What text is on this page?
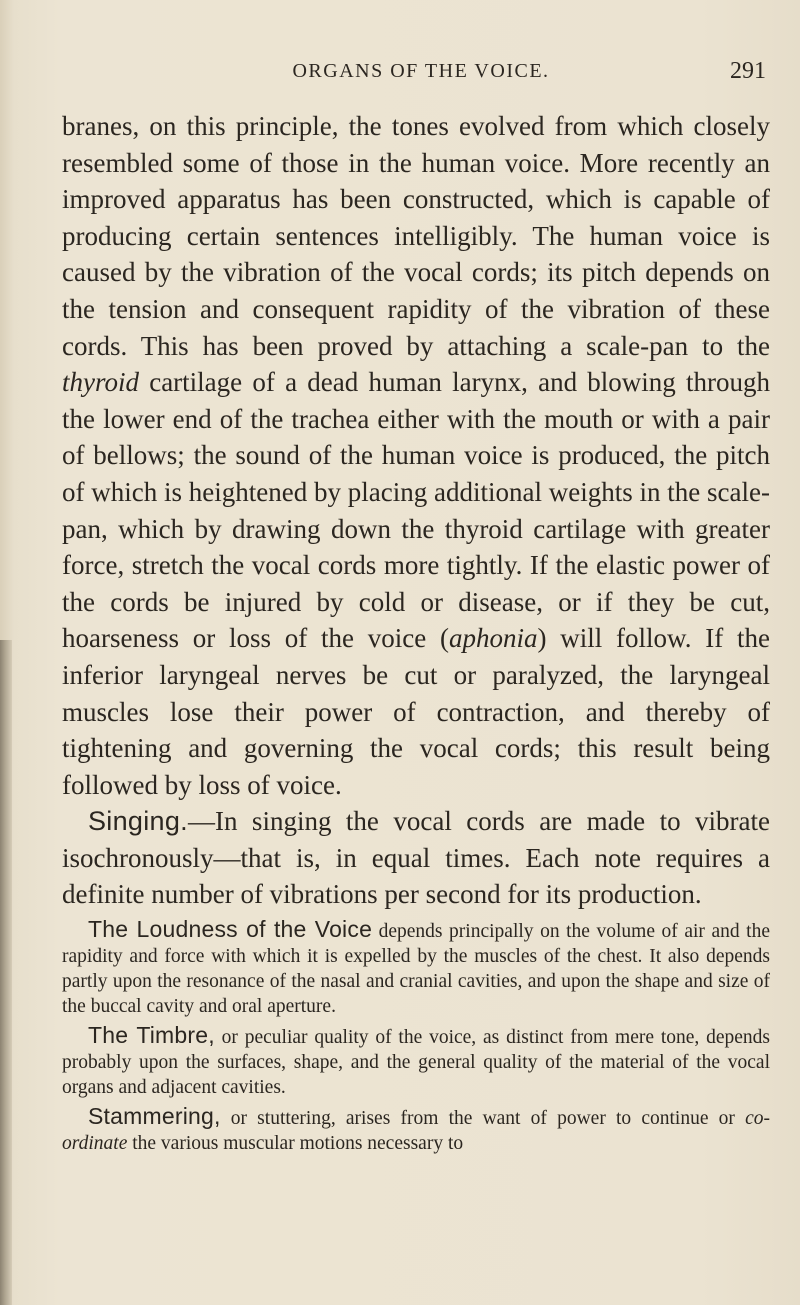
ORGANS OF THE VOICE.	291

branes, on this principle, the tones evolved from which closely resembled some of those in the human voice. More recently an improved apparatus has been constructed, which is capable of producing certain sentences intelligibly. The human voice is caused by the vibration of the vocal cords; its pitch depends on the tension and consequent rapidity of the vibration of these cords. This has been proved by attaching a scale-pan to the thyroid cartilage of a dead human larynx, and blowing through the lower end of the trachea either with the mouth or with a pair of bellows; the sound of the human voice is produced, the pitch of which is heightened by placing additional weights in the scale-pan, which by drawing down the thyroid cartilage with greater force, stretch the vocal cords more tightly. If the elastic power of the cords be injured by cold or disease, or if they be cut, hoarseness or loss of the voice (aphonia) will follow. If the inferior laryngeal nerves be cut or paralyzed, the laryngeal muscles lose their power of contraction, and thereby of tightening and governing the vocal cords; this result being followed by loss of voice.

Singing.—In singing the vocal cords are made to vibrate isochronously—that is, in equal times. Each note requires a definite number of vibrations per second for its production.

The Loudness of the Voice depends principally on the volume of air and the rapidity and force with which it is expelled by the muscles of the chest. It also depends partly upon the resonance of the nasal and cranial cavities, and upon the shape and size of the buccal cavity and oral aperture.

The Timbre, or peculiar quality of the voice, as distinct from mere tone, depends probably upon the surfaces, shape, and the general quality of the material of the vocal organs and adjacent cavities.

Stammering, or stuttering, arises from the want of power to continue or co-ordinate the various muscular motions necessary to
